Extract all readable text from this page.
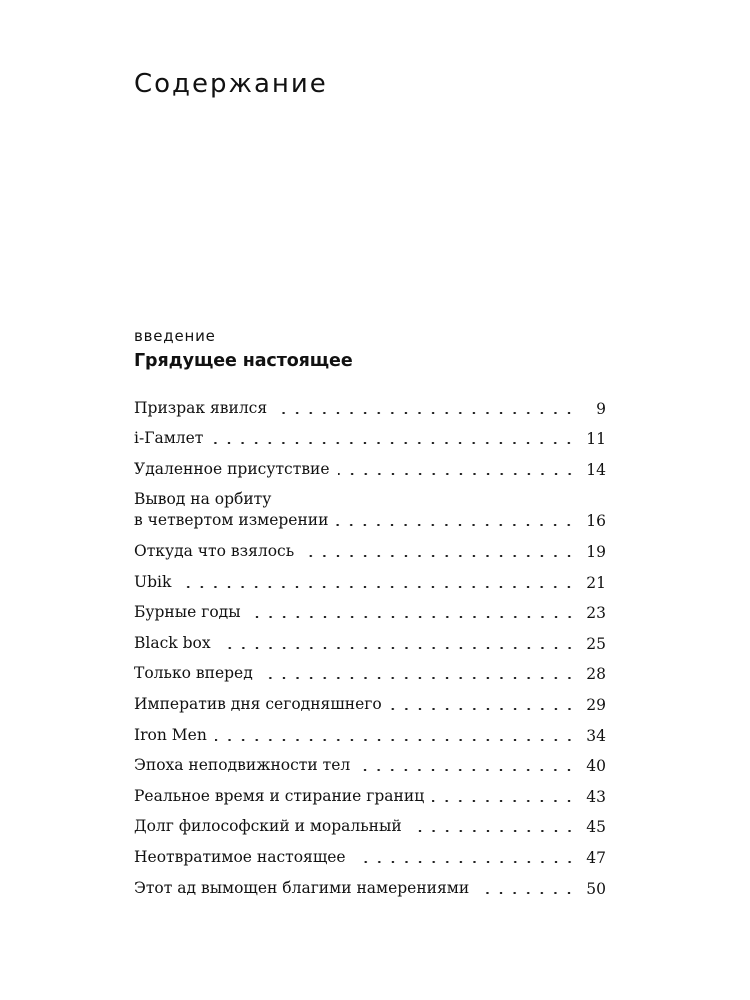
Содержание
введение
Грядущее настоящее
Призрак явился	9
i-Гамлет	11
Удаленное присутствие	14
Вывод на орбиту
в четвертом измерении	16
Откуда что взялось	19
Ubik	21
Бурные годы	23
Black box	25
Только вперед	28
Императив дня сегодняшнего	29
Iron Men	34
Эпоха неподвижности тел	40
Реальное время и стирание границ	43
Долг философский и моральный	45
Неотвратимое настоящее	47
Этот ад вымощен благими намерениями	50
